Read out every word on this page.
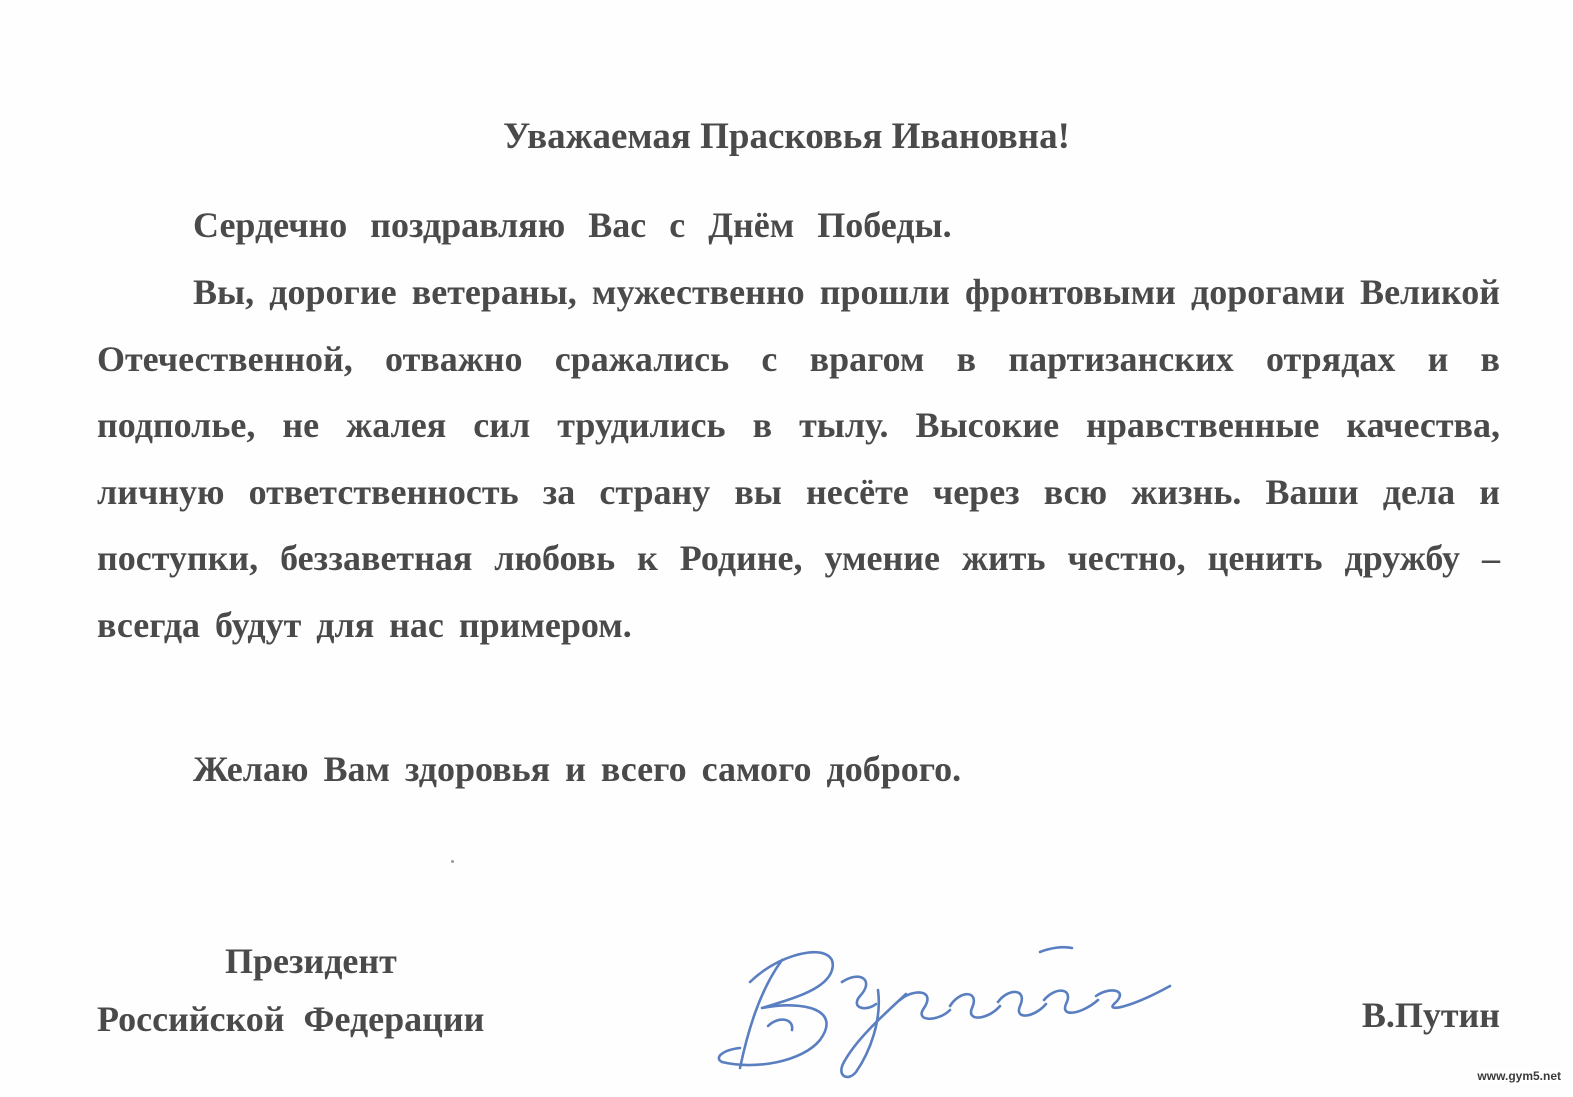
Уважаемая Прасковья Ивановна!

Сердечно поздравляю Вас с Днём Победы.

Вы, дорогие ветераны, мужественно прошли фронтовыми дорогами Великой Отечественной, отважно сражались с врагом в партизанских отрядах и в подполье, не жалея сил трудились в тылу. Высокие нравственные качества, личную ответственность за страну вы несёте через всю жизнь. Ваши дела и поступки, беззаветная любовь к Родине, умение жить честно, ценить дружбу – всегда будут для нас примером.

Желаю Вам здоровья и всего самого доброго.

Президент
Российской Федерации	В.Путин
www.gym5.net
